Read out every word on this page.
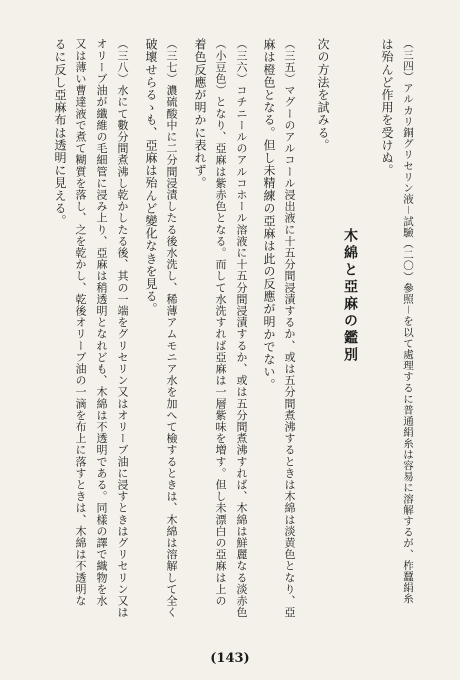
（三四）アルカリ銅グリセリン液－試驗（二〇）參照－を以て處理するに普通絹糸は容易に溶解するが、柞蠶絹糸
は殆んど作用を受けぬ。
木綿と亞麻の鑑別
次の方法を試みる。
（三五）マグーのアルコール浸出液に十五分間浸漬するか、或は五分間煮沸するときは木綿は淡黄色となり、亞
麻は橙色となる。但し未精練の亞麻は此の反應が明かでない。
（三六）コチニールのアルコホール溶液に十五分間浸漬するか、或は五分間煮沸すれば、木綿は鮮麗なる淡赤色
（小豆色）となり、亞麻は紫赤色となる。而して水洗すれば亞麻は一層紫味を増す。但し未漂白の亞麻は上の
着色反應が明かに表れず。
（三七）濃硫酸中に二分間浸漬したる後水洗し、稀薄アムモニア水を加へて檢するときは、木綿は溶解して全く
破壞せらるゝも、亞麻は殆んど變化なきを見る。
（三八）水にて數分間煮沸し乾かしたる後、其の一端をグリセリン又はオリーブ油に浸すときはグリセリン又は
オリーブ油が纖維の毛細管に浸み上り、亞麻は稍透明となれども、木綿は不透明である。同樣の譯で織物を水
又は薄い曹達液で煮て糊質を落し、之を乾かし、乾後オリーブ油の一滴を布上に落すときは、木綿は不透明な
るに反し亞麻布は透明に見える。
(143)
